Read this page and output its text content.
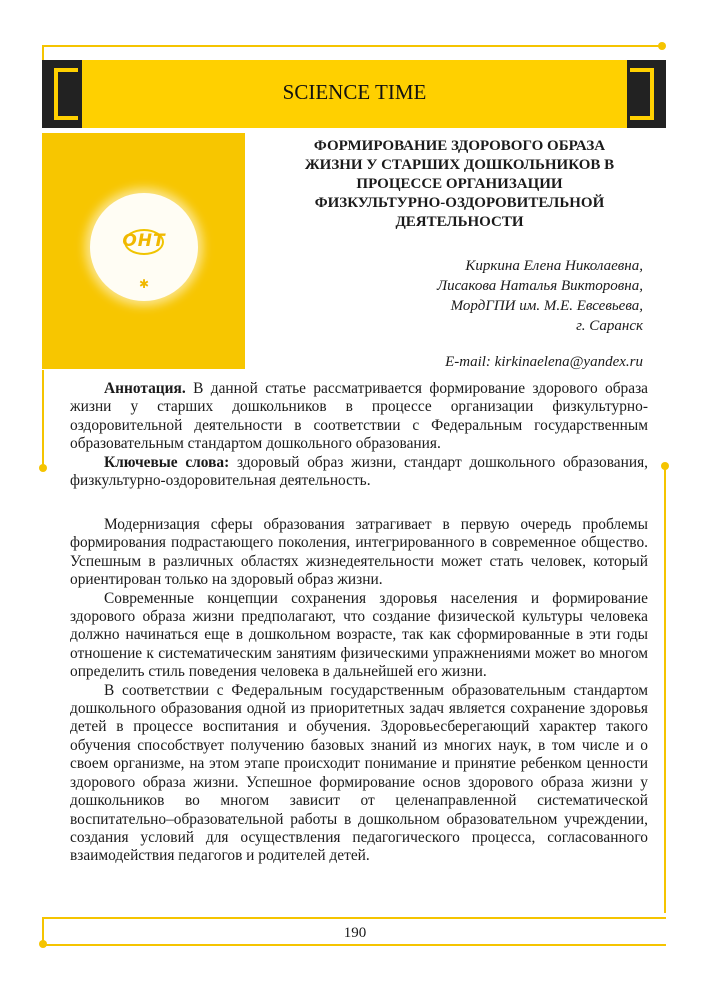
SCIENCE TIME
ОНТ
✱
ФОРМИРОВАНИЕ ЗДОРОВОГО ОБРАЗА
ЖИЗНИ У СТАРШИХ ДОШКОЛЬНИКОВ В
ПРОЦЕССЕ ОРГАНИЗАЦИИ
ФИЗКУЛЬТУРНО-ОЗДОРОВИТЕЛЬНОЙ
ДЕЯТЕЛЬНОСТИ
Киркина Елена Николаевна,
Лисакова Наталья Викторовна,
МордГПИ им. М.Е. Евсевьева,
г. Саранск
E-mail: kirkinaelena@yandex.ru

Аннотация. В данной статье рассматривается формирование здорового образа жизни у старших дошкольников в процессе организации физкультурно-оздоровительной деятельности в соответствии с Федеральным государственным образовательным стандартом дошкольного образования.

Ключевые слова: здоровый образ жизни, стандарт дошкольного образования, физкультурно-оздоровительная деятельность.

Модернизация сферы образования затрагивает в первую очередь проблемы формирования подрастающего поколения, интегрированного в современное общество. Успешным в различных областях жизнедеятельности может стать человек, который ориентирован только на здоровый образ жизни.

Современные концепции сохранения здоровья населения и формирование здорового образа жизни предполагают, что создание физической культуры человека должно начинаться еще в дошкольном возрасте, так как сформированные в эти годы отношение к систематическим занятиям физическими упражнениями может во многом определить стиль поведения человека в дальнейшей его жизни.

В соответствии с Федеральным государственным образовательным стандартом дошкольного образования одной из приоритетных задач является сохранение здоровья детей в процессе воспитания и обучения. Здоровьесберегающий характер такого обучения способствует получению базовых знаний из многих наук, в том числе и о своем организме, на этом этапе происходит понимание и принятие ребенком ценности здорового образа жизни. Успешное формирование основ здорового образа жизни у дошкольников во многом зависит от целенаправленной систематической воспитательно–образовательной работы в дошкольном образовательном учреждении, создания условий для осуществления педагогического процесса, согласованного взаимодействия педагогов и родителей детей.

190
